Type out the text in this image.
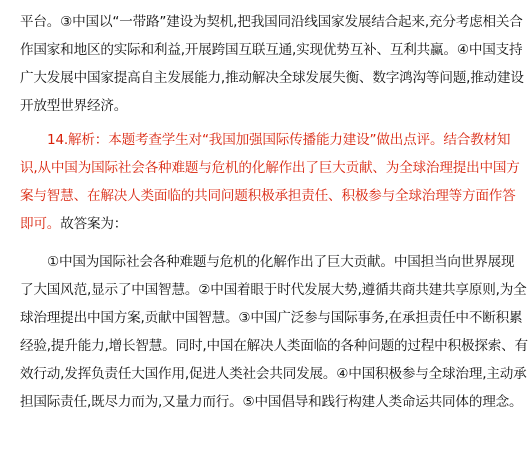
平台。③中国以“一带路”建设为契机,把我国同沿线国家发展结合起来,充分考虑相关合
作国家和地区的实际和利益,开展跨国互联互通,实现优势互补、互利共赢。④中国支持
广大发展中国家提高自主发展能力,推动解决全球发展失衡、数字鸿沟等问题,推动建设
开放型世界经济。
14.解析：本题考查学生对“我国加强国际传播能力建设”做出点评。结合教材知
识,从中国为国际社会各种难题与危机的化解作出了巨大贡献、为全球治理提出中国方
案与智慧、在解决人类面临的共同问题积极承担责任、积极参与全球治理等方面作答
即可。故答案为：
①中国为国际社会各种难题与危机的化解作出了巨大贡献。中国担当向世界展现
了大国风范,显示了中国智慧。②中国着眼于时代发展大势,遵循共商共建共享原则,为全
球治理提出中国方案,贡献中国智慧。③中国广泛参与国际事务,在承担责任中不断积累
经验,提升能力,增长智慧。同时,中国在解决人类面临的各种问题的过程中积极探索、有
效行动,发挥负责任大国作用,促进人类社会共同发展。④中国积极参与全球治理,主动承
担国际责任,既尽力而为,又量力而行。⑤中国倡导和践行构建人类命运共同体的理念。
